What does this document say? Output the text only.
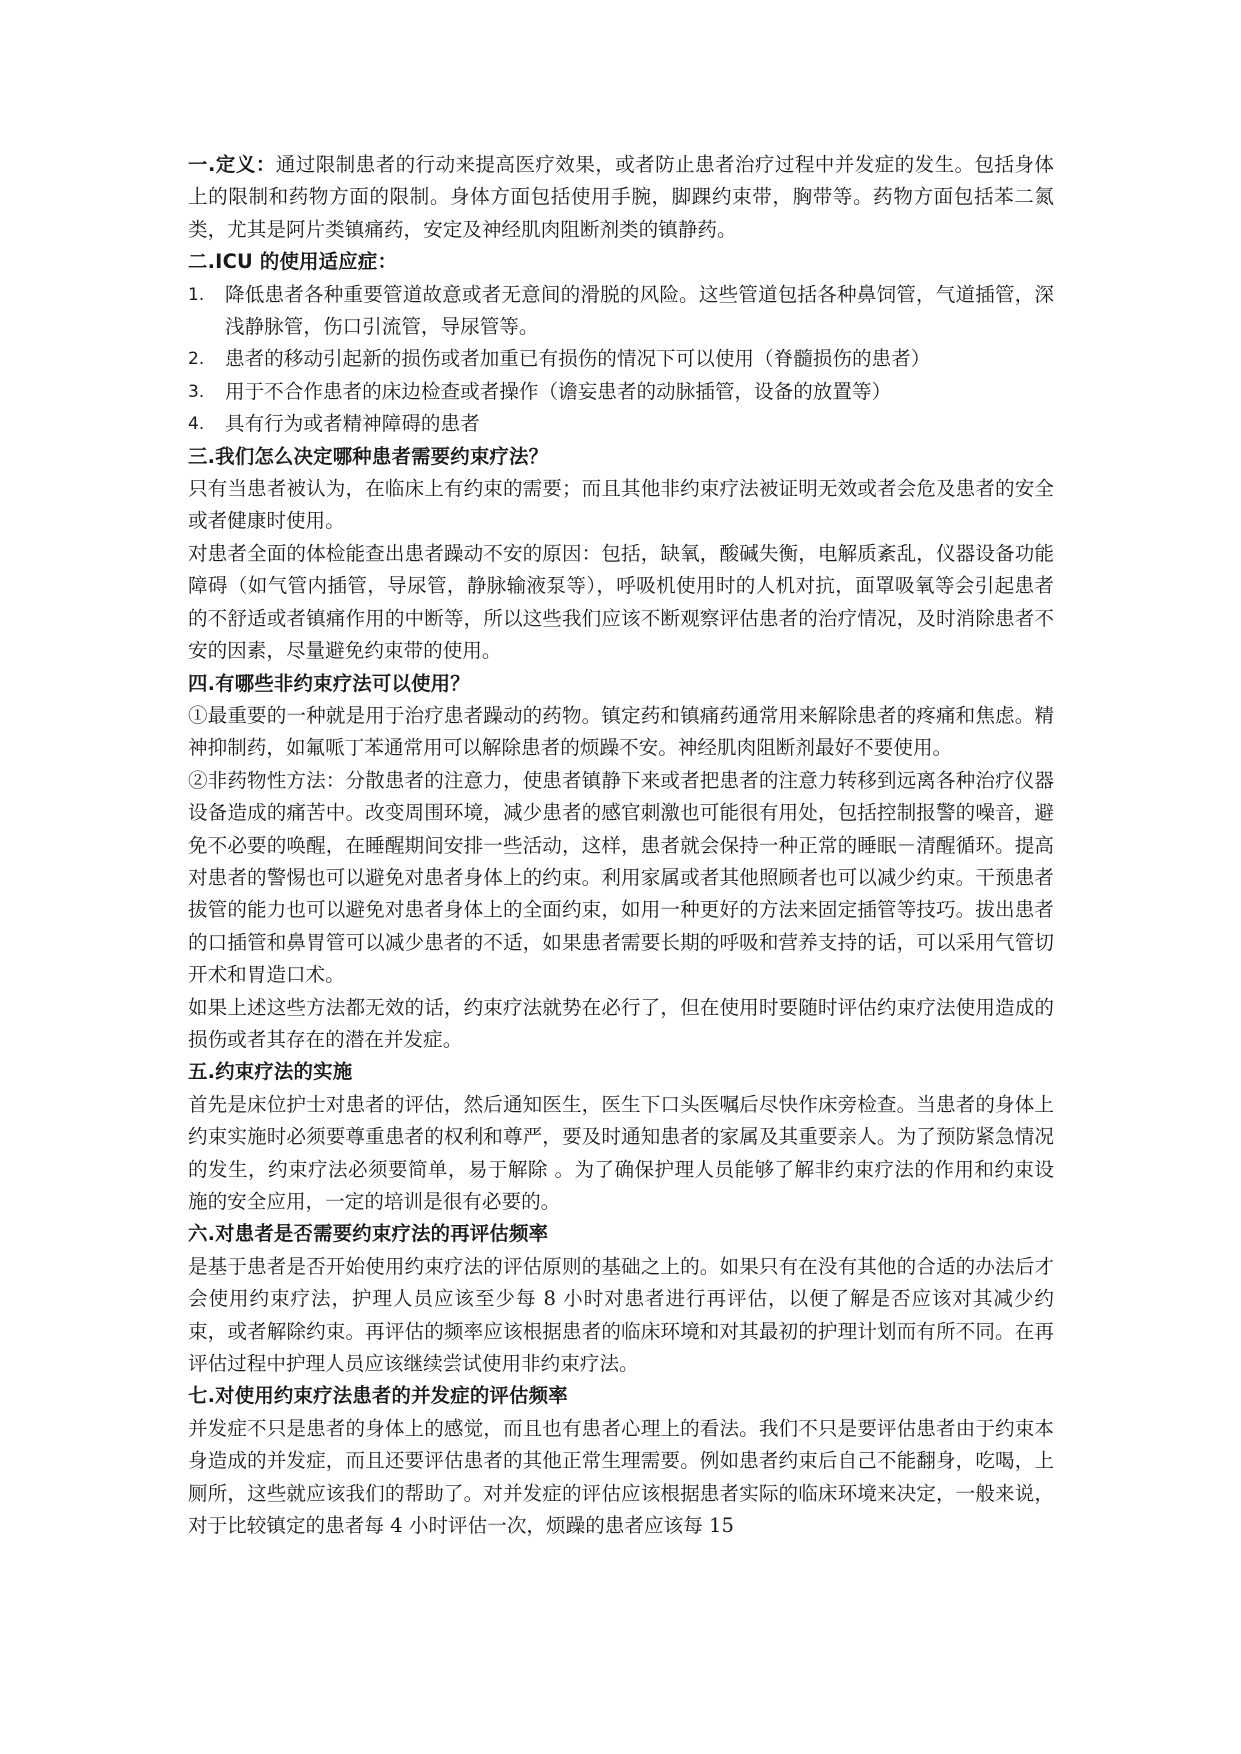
一.定义：通过限制患者的行动来提高医疗效果，或者防止患者治疗过程中并发症的发生。包括身体上的限制和药物方面的限制。身体方面包括使用手腕，脚踝约束带，胸带等。药物方面包括苯二氮类，尤其是阿片类镇痛药，安定及神经肌肉阻断剂类的镇静药。
二.ICU 的使用适应症：
1.	降低患者各种重要管道故意或者无意间的滑脱的风险。这些管道包括各种鼻饲管，气道插管，深浅静脉管，伤口引流管，导尿管等。
2.	患者的移动引起新的损伤或者加重已有损伤的情况下可以使用（脊髓损伤的患者）
3.	用于不合作患者的床边检查或者操作（谵妄患者的动脉插管，设备的放置等）
4.	具有行为或者精神障碍的患者
三.我们怎么决定哪种患者需要约束疗法？
只有当患者被认为，在临床上有约束的需要；而且其他非约束疗法被证明无效或者会危及患者的安全或者健康时使用。
对患者全面的体检能查出患者躁动不安的原因：包括，缺氧，酸碱失衡，电解质紊乱，仪器设备功能障碍（如气管内插管，导尿管，静脉输液泵等），呼吸机使用时的人机对抗，面罩吸氧等会引起患者的不舒适或者镇痛作用的中断等，所以这些我们应该不断观察评估患者的治疗情况，及时消除患者不安的因素，尽量避免约束带的使用。
四.有哪些非约束疗法可以使用？
①最重要的一种就是用于治疗患者躁动的药物。镇定药和镇痛药通常用来解除患者的疼痛和焦虑。精神抑制药，如氟哌丁苯通常用可以解除患者的烦躁不安。神经肌肉阻断剂最好不要使用。
②非药物性方法：分散患者的注意力，使患者镇静下来或者把患者的注意力转移到远离各种治疗仪器设备造成的痛苦中。改变周围环境，减少患者的感官刺激也可能很有用处，包括控制报警的噪音，避免不必要的唤醒，在睡醒期间安排一些活动，这样，患者就会保持一种正常的睡眠－清醒循环。提高对患者的警惕也可以避免对患者身体上的约束。利用家属或者其他照顾者也可以减少约束。干预患者拔管的能力也可以避免对患者身体上的全面约束，如用一种更好的方法来固定插管等技巧。拔出患者的口插管和鼻胃管可以减少患者的不适，如果患者需要长期的呼吸和营养支持的话，可以采用气管切开术和胃造口术。
如果上述这些方法都无效的话，约束疗法就势在必行了，但在使用时要随时评估约束疗法使用造成的损伤或者其存在的潜在并发症。
五.约束疗法的实施
首先是床位护士对患者的评估，然后通知医生，医生下口头医嘱后尽快作床旁检查。当患者的身体上约束实施时必须要尊重患者的权利和尊严，要及时通知患者的家属及其重要亲人。为了预防紧急情况的发生，约束疗法必须要简单，易于解除 。为了确保护理人员能够了解非约束疗法的作用和约束设施的安全应用，一定的培训是很有必要的。
六.对患者是否需要约束疗法的再评估频率
是基于患者是否开始使用约束疗法的评估原则的基础之上的。如果只有在没有其他的合适的办法后才会使用约束疗法，护理人员应该至少每 8 小时对患者进行再评估，以便了解是否应该对其减少约束，或者解除约束。再评估的频率应该根据患者的临床环境和对其最初的护理计划而有所不同。在再评估过程中护理人员应该继续尝试使用非约束疗法。
七.对使用约束疗法患者的并发症的评估频率
并发症不只是患者的身体上的感觉，而且也有患者心理上的看法。我们不只是要评估患者由于约束本身造成的并发症，而且还要评估患者的其他正常生理需要。例如患者约束后自己不能翻身，吃喝，上厕所，这些就应该我们的帮助了。对并发症的评估应该根据患者实际的临床环境来决定，一般来说，对于比较镇定的患者每 4 小时评估一次，烦躁的患者应该每 15
